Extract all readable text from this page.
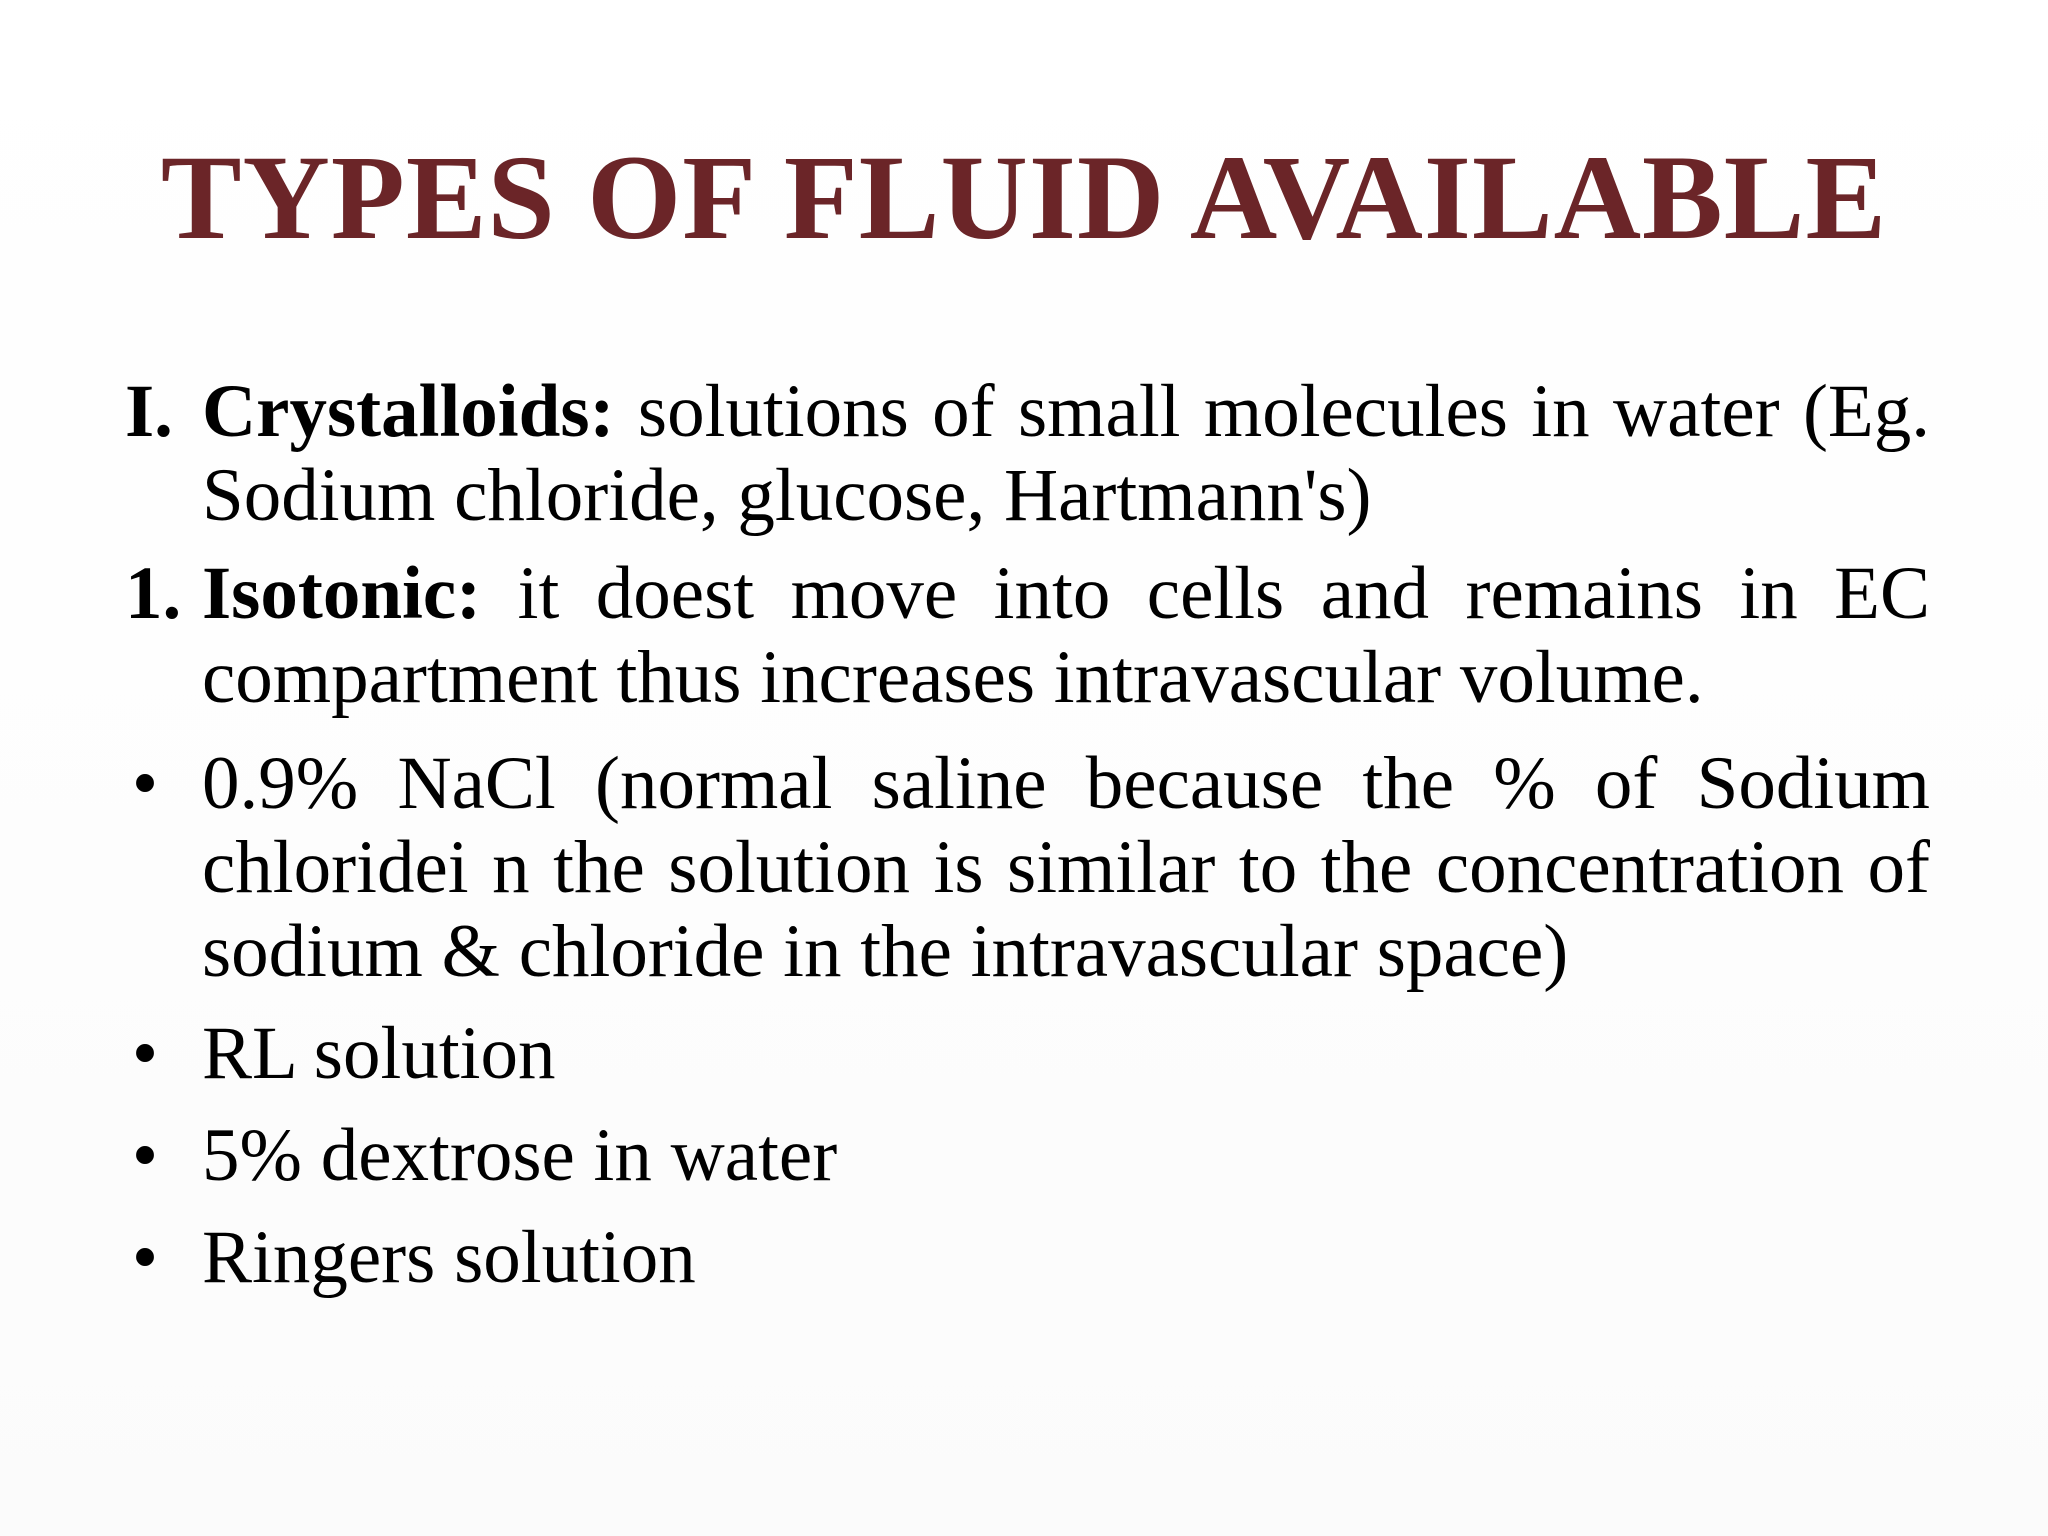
TYPES OF FLUID AVAILABLE

I. Crystalloids: solutions of small molecules in water (Eg. Sodium chloride, glucose, Hartmann's)

1. Isotonic: it doest move into cells and remains in EC compartment thus increases intravascular volume.

• 0.9% NaCl (normal saline because the % of Sodium chloridei n the solution is similar to the concentration of sodium & chloride in the intravascular space)

• RL solution

• 5% dextrose in water

• Ringers solution
